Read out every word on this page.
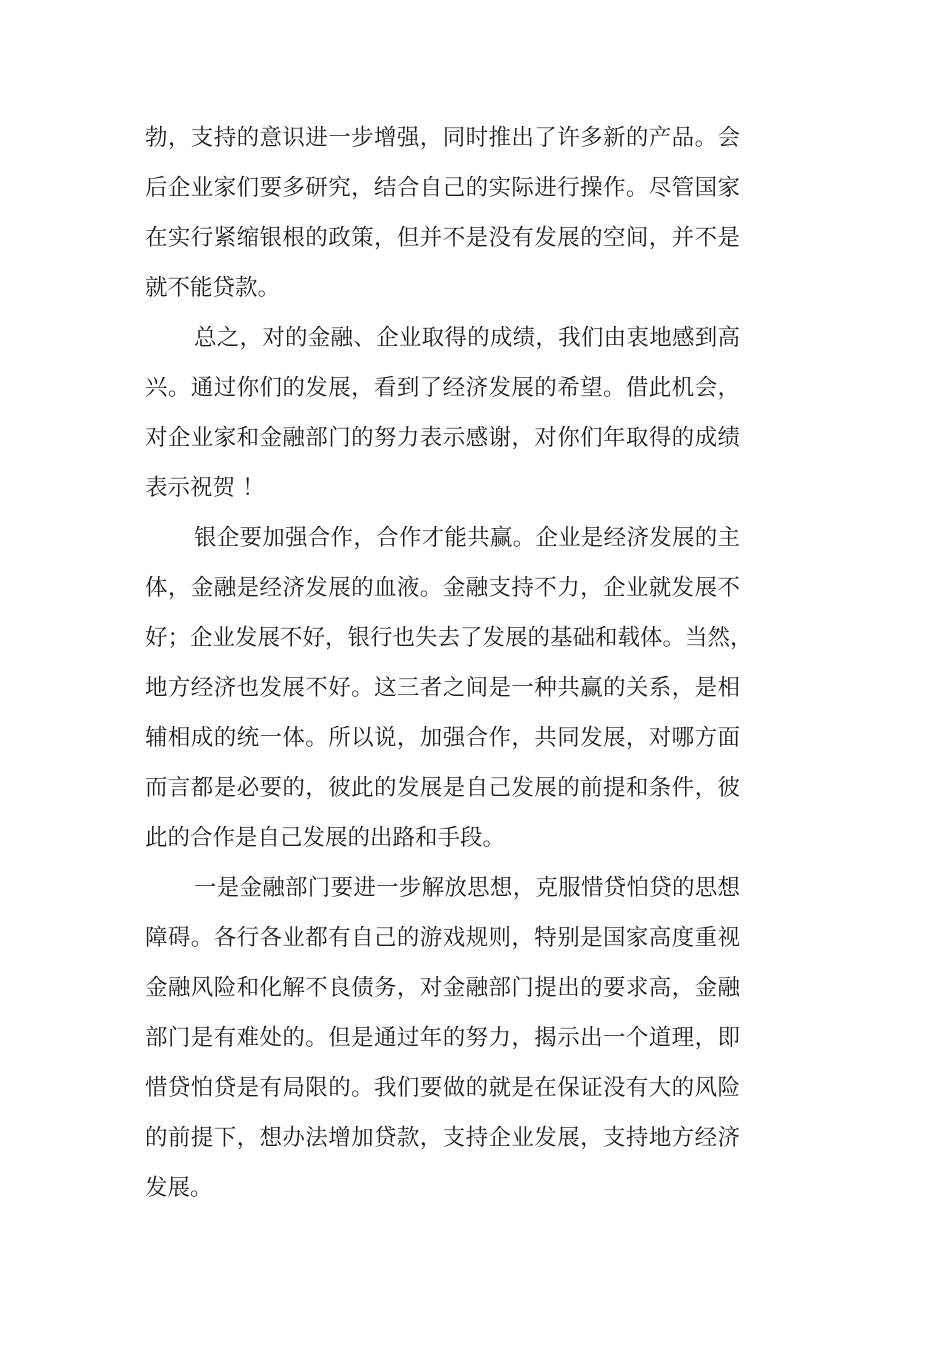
勃，支持的意识进一步增强，同时推出了许多新的产品。会
后企业家们要多研究，结合自己的实际进行操作。尽管国家
在实行紧缩银根的政策，但并不是没有发展的空间，并不是
就不能贷款。
总之，对的金融、企业取得的成绩，我们由衷地感到高
兴。通过你们的发展，看到了经济发展的希望。借此机会，
对企业家和金融部门的努力表示感谢，对你们年取得的成绩
表示祝贺 ！
银企要加强合作，合作才能共赢。企业是经济发展的主
体，金融是经济发展的血液。金融支持不力，企业就发展不
好；企业发展不好，银行也失去了发展的基础和载体。当然，
地方经济也发展不好。这三者之间是一种共赢的关系，是相
辅相成的统一体。所以说，加强合作，共同发展，对哪方面
而言都是必要的，彼此的发展是自己发展的前提和条件，彼
此的合作是自己发展的出路和手段。
一是金融部门要进一步解放思想，克服惜贷怕贷的思想
障碍。各行各业都有自己的游戏规则，特别是国家高度重视
金融风险和化解不良债务，对金融部门提出的要求高，金融
部门是有难处的。但是通过年的努力，揭示出一个道理，即
惜贷怕贷是有局限的。我们要做的就是在保证没有大的风险
的前提下，想办法增加贷款，支持企业发展，支持地方经济
发展。
